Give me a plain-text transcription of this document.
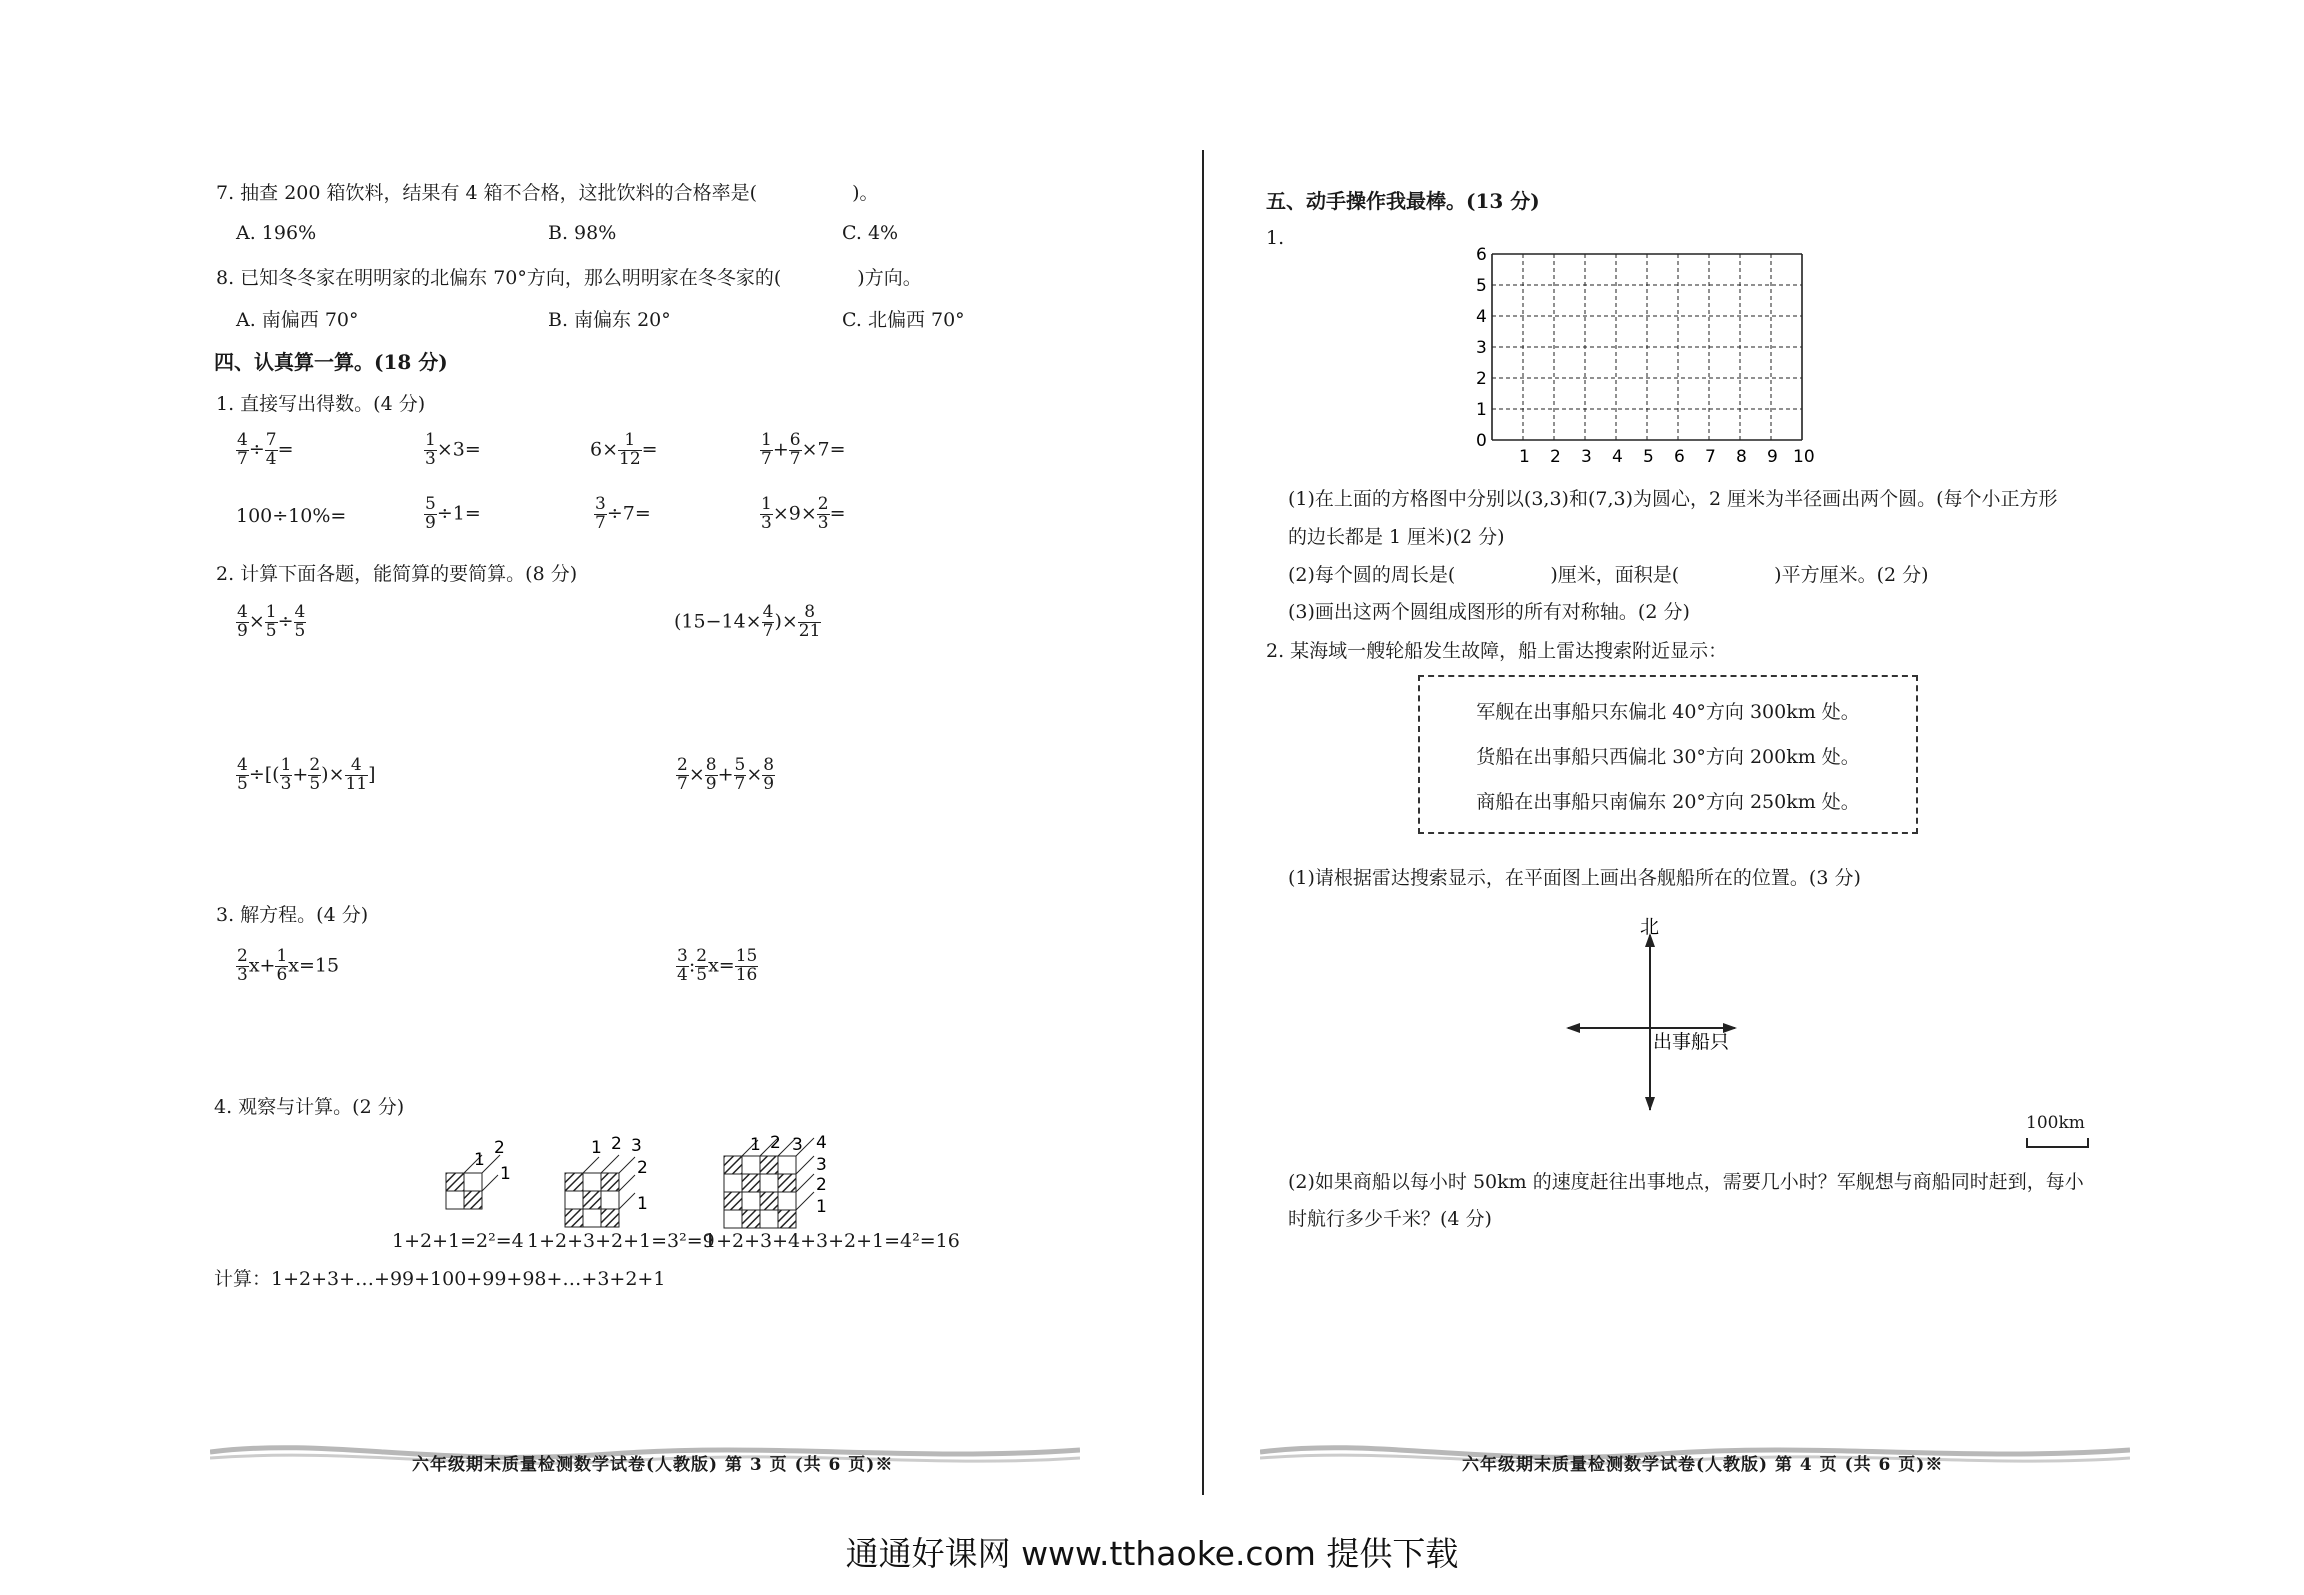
7. 抽查 200 箱饮料，结果有 4 箱不合格，这批饮料的合格率是(　　　　　)。
A. 196%	B. 98%	C. 4%
8. 已知冬冬家在明明家的北偏东 70°方向，那么明明家在冬冬家的(　　　　)方向。
A. 南偏西 70°	B. 南偏东 20°	C. 北偏西 70°
四、认真算一算。(18 分)
1. 直接写出得数。(4 分)
$\frac{4}{7} \div \frac{7}{4}$ =	$\frac{1}{3} \times 3=$	$6\times \frac{1}{12}$ =	$\frac{1}{7} + \frac{6}{7} \times 7=$
100÷10%=	$\frac{5}{9} \div 1=$	$\frac{3}{7} \div 7=$	$\frac{1}{3} \times 9\times \frac{2}{3}$ =
2. 计算下面各题，能简算的要简算。(8 分)
$\frac{4}{9} \times \frac{1}{5} \div \frac{4}{5}$	($15-14\times \frac{4}{7}$ )× $\frac{8}{21}$
$\frac{4}{5}$ ÷[( $\frac{1}{3} + \frac{2}{5}$ )× $\frac{4}{11}$ ]	$\frac{2}{7} \times \frac{8}{9} + \frac{5}{7} \times \frac{8}{9}$
3. 解方程。(4 分)
$\frac{2}{3} x+ \frac{1}{6} x=15$	$\frac{3}{4}$ : $\frac{2}{5} x= \frac{15}{16}$
4. 观察与计算。(2 分)
1
2
1
1 2 3
2
1
1 2 3 4
3
2
1
1+2+1=2²=4 1+2+3+2+1=3²=9
1+2+3+4+3+2+1=4²=16
计算：1+2+3+…+99+100+99+98+…+3+2+1
六年级期末质量检测数学试卷(人教版) 第 3 页 (共 6 页)※
五、动手操作我最棒。(13 分)
1.
1 2 3 4 5 6 7 8 9 10
0
1
2
3
4
5
6
(1)在上面的方格图中分别以(3,3)和(7,3)为圆心，2 厘米为半径画出两个圆。(每个小正方形
的边长都是 1 厘米)(2 分)
(2)每个圆的周长是(　　　　　)厘米，面积是(　　　　　)平方厘米。(2 分)
(3)画出这两个圆组成图形的所有对称轴。(2 分)
2. 某海域一艘轮船发生故障，船上雷达搜索附近显示：
军舰在出事船只东偏北 40°方向 300km 处。
货船在出事船只西偏北 30°方向 200km 处。
商船在出事船只南偏东 20°方向 250km 处。
(1)请根据雷达搜索显示，在平面图上画出各舰船所在的位置。(3 分)
北
出事船只
100km
(2)如果商船以每小时 50km 的速度赶往出事地点，需要几小时？军舰想与商船同时赶到，每小
时航行多少千米？(4 分)
六年级期末质量检测数学试卷(人教版) 第 4 页 (共 6 页)※
通通好课网 www.tthaoke.com 提供下载
